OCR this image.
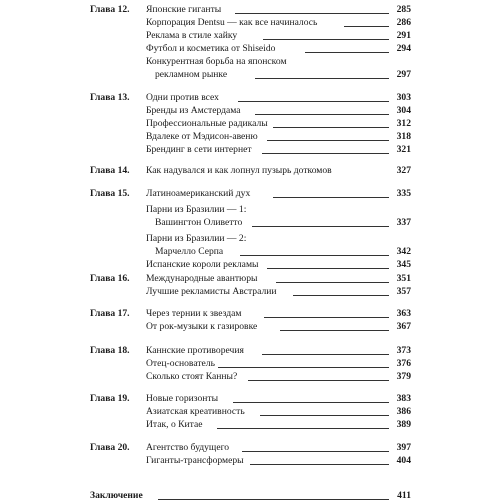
Глава 12. Японские гиганты	285
Корпорация Dentsu — как все начиналось	286
Реклама в стиле хайку	291
Футбол и косметика от Shiseido	294
Конкурентная борьба на японском
рекламном рынке	297
Глава 13. Одни против всех	303
Бренды из Амстердама	304
Профессиональные радикалы	312
Вдалеке от Мэдисон-авеню	318
Брендинг в сети интернет	321
Глава 14. Как надувался и как лопнул пузырь доткомов	327
Глава 15. Латиноамериканский дух	335
Парни из Бразилии — 1:
Вашингтон Оливетто	337
Парни из Бразилии — 2:
Марчелло Серпа	342
Испанские короли рекламы	345
Глава 16. Международные авантюры	351
Лучшие рекламисты Австралии	357
Глава 17. Через тернии к звездам	363
От рок-музыки к газировке	367
Глава 18. Каннские противоречия	373
Отец-основатель	376
Сколько стоят Канны?	379
Глава 19. Новые горизонты	383
Азиатская креативность	386
Итак, о Китае	389
Глава 20. Агентство будущего	397
Гиганты-трансформеры	404
Заключение	411
